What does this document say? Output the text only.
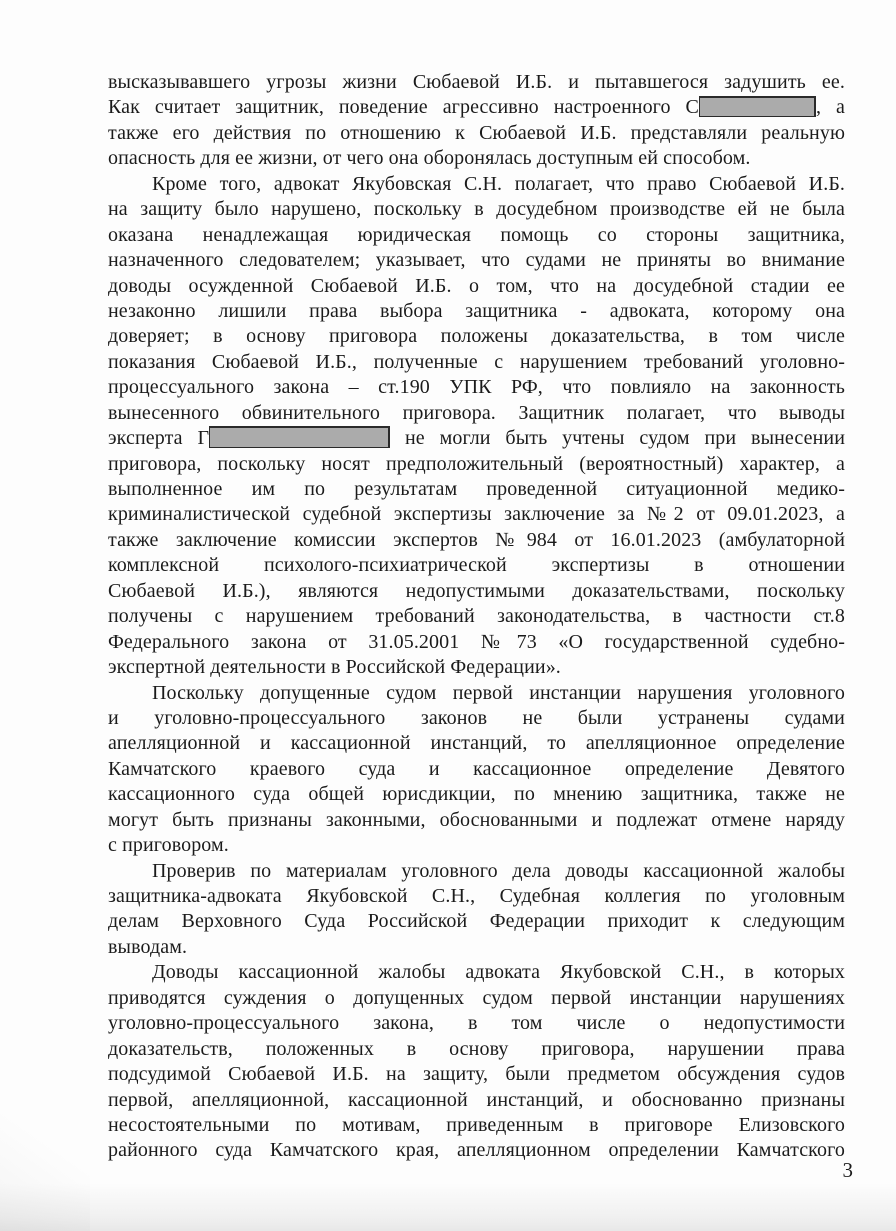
высказывавшего угрозы жизни Сюбаевой И.Б. и пытавшегося задушить ее.
Как считает защитник, поведение агрессивно настроенного С	, а
также его действия по отношению к Сюбаевой И.Б. представляли реальную
опасность для ее жизни, от чего она оборонялась доступным ей способом.
Кроме того, адвокат Якубовская С.Н. полагает, что право Сюбаевой И.Б.
на защиту было нарушено, поскольку в досудебном производстве ей не была
оказана ненадлежащая юридическая помощь со стороны защитника,
назначенного следователем; указывает, что судами не приняты во внимание
доводы осужденной Сюбаевой И.Б. о том, что на досудебной стадии ее
незаконно лишили права выбора защитника - адвоката, которому она
доверяет; в основу приговора положены доказательства, в том числе
показания Сюбаевой И.Б., полученные с нарушением требований уголовно-
процессуального закона – ст.190 УПК РФ, что повлияло на законность
вынесенного обвинительного приговора. Защитник полагает, что выводы
эксперта Г	не могли быть учтены судом при вынесении
приговора, поскольку носят предположительный (вероятностный) характер, а
выполненное им по результатам проведенной ситуационной медико-
криминалистической судебной экспертизы заключение за №2 от 09.01.2023, а
также заключение комиссии экспертов №984 от 16.01.2023 (амбулаторной
комплексной психолого-психиатрической экспертизы в отношении
Сюбаевой И.Б.), являются недопустимыми доказательствами, поскольку
получены с нарушением требований законодательства, в частности ст.8
Федерального закона от 31.05.2001 №73 «О государственной судебно-
экспертной деятельности в Российской Федерации».
Поскольку допущенные судом первой инстанции нарушения уголовного
и уголовно-процессуального законов не были устранены судами
апелляционной и кассационной инстанций, то апелляционное определение
Камчатского краевого суда и кассационное определение Девятого
кассационного суда общей юрисдикции, по мнению защитника, также не
могут быть признаны законными, обоснованными и подлежат отмене наряду
с приговором.
Проверив по материалам уголовного дела доводы кассационной жалобы
защитника-адвоката Якубовской С.Н., Судебная коллегия по уголовным
делам Верховного Суда Российской Федерации приходит к следующим
выводам.
Доводы кассационной жалобы адвоката Якубовской С.Н., в которых
приводятся суждения о допущенных судом первой инстанции нарушениях
уголовно-процессуального закона, в том числе о недопустимости
доказательств, положенных в основу приговора, нарушении права
подсудимой Сюбаевой И.Б. на защиту, были предметом обсуждения судов
первой, апелляционной, кассационной инстанций, и обоснованно признаны
несостоятельными по мотивам, приведенным в приговоре Елизовского
районного суда Камчатского края, апелляционном определении Камчатского
3
